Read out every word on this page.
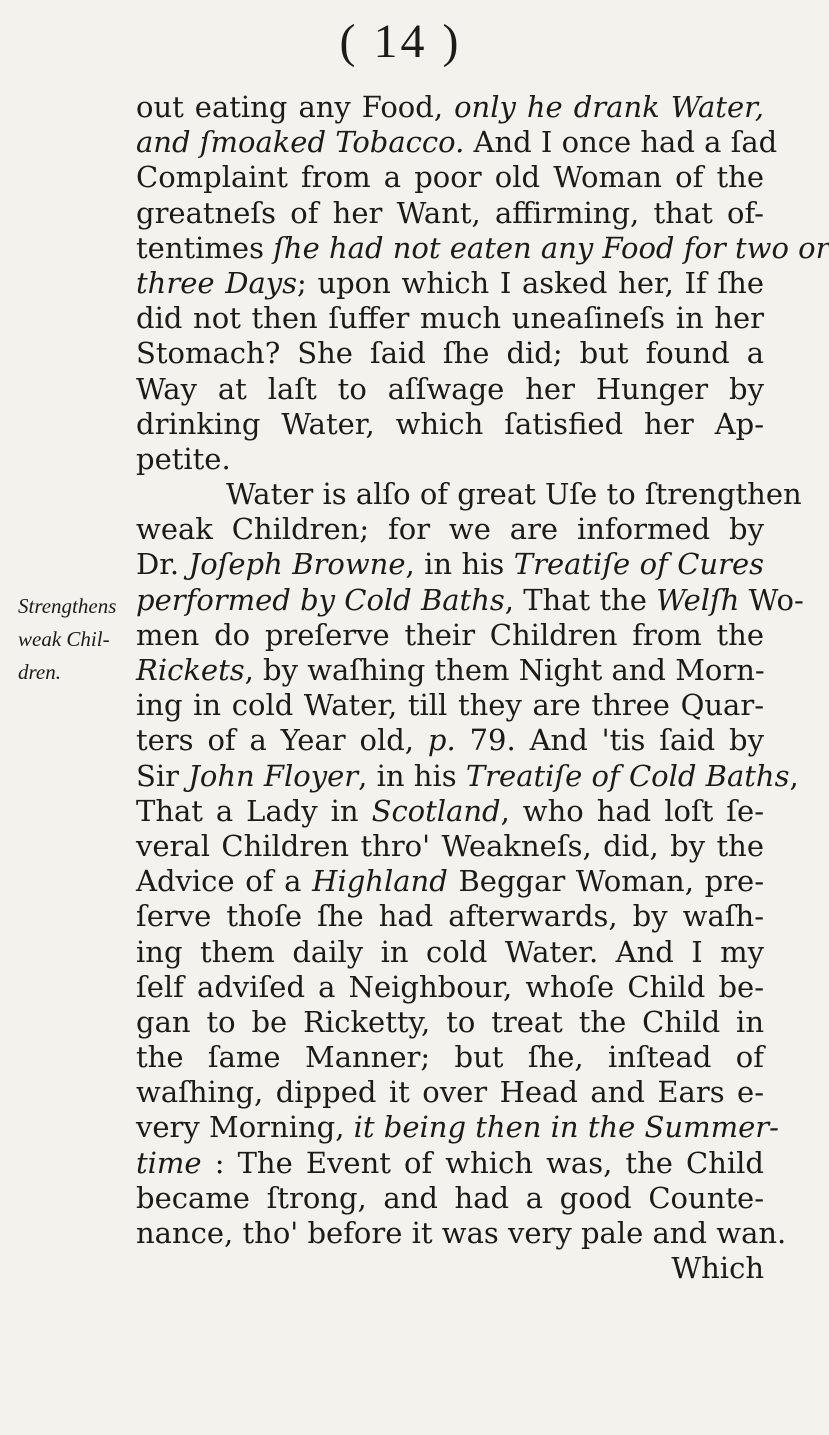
( 14 )
Strengthens
weak Chil-
dren.
out eating any Food, only he drank Water,
and ſmoaked Tobacco. And I once had a ſad
Complaint from a poor old Woman of the
greatneſs of her Want, affirming, that of-
tentimes ſhe had not eaten any Food for two or
three Days; upon which I asked her, If ſhe
did not then ſuffer much uneaſineſs in her
Stomach? She ſaid ſhe did; but found a
Way at laſt to aſſwage her Hunger by
drinking Water, which ſatisfied her Ap-
petite.
Water is alſo of great Uſe to ſtrengthen
weak Children; for we are informed by
Dr. Joſeph Browne, in his Treatiſe of Cures
performed by Cold Baths, That the Welſh Wo-
men do preſerve their Children from the
Rickets, by waſhing them Night and Morn-
ing in cold Water, till they are three Quar-
ters of a Year old, p. 79. And 'tis ſaid by
Sir John Floyer, in his Treatiſe of Cold Baths,
That a Lady in Scotland, who had loſt ſe-
veral Children thro' Weakneſs, did, by the
Advice of a Highland Beggar Woman, pre-
ſerve thoſe ſhe had afterwards, by waſh-
ing them daily in cold Water. And I my
ſelf adviſed a Neighbour, whoſe Child be-
gan to be Ricketty, to treat the Child in
the ſame Manner; but ſhe, inſtead of
waſhing, dipped it over Head and Ears e-
very Morning, it being then in the Summer-
time : The Event of which was, the Child
became ſtrong, and had a good Counte-
nance, tho' before it was very pale and wan.
Which
